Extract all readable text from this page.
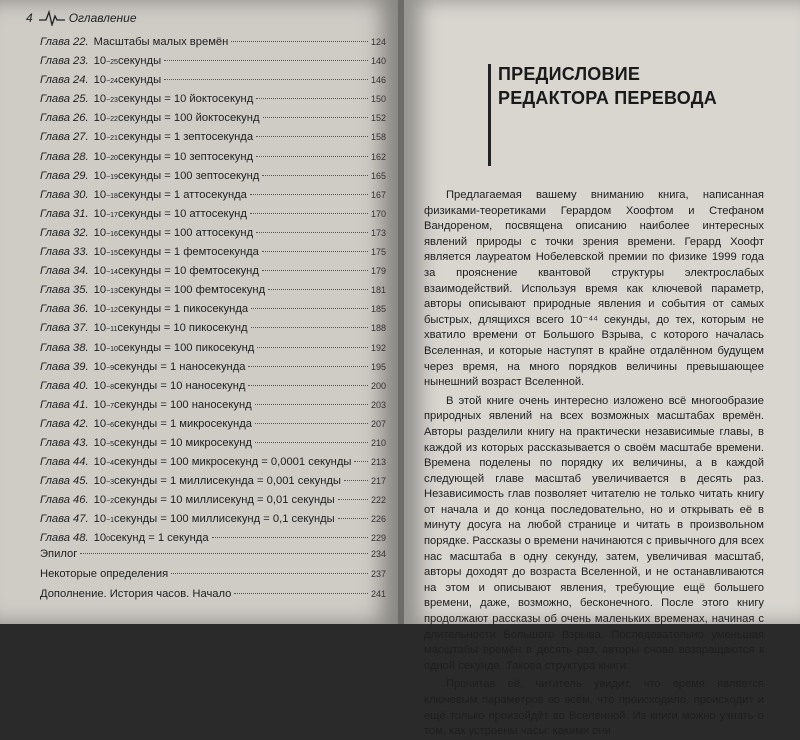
4	Оглавление
Глава 22. Масштабы малых времён	124
Глава 23. 10 −25 секунды	140
Глава 24. 10 −24 секунды	146
Глава 25. 10 −23 секунды = 10 йоктосекунд	150
Глава 26. 10 −22 секунды = 100 йоктосекунд	152
Глава 27. 10 −21 секунды = 1 зептосекунда	158
Глава 28. 10 −20 секунды = 10 зептосекунд	162
Глава 29. 10 −19 секунды = 100 зептосекунд	165
Глава 30. 10 −18 секунды = 1 аттосекунда	167
Глава 31. 10 −17 секунды = 10 аттосекунд	170
Глава 32. 10 −16 секунды = 100 аттосекунд	173
Глава 33. 10 −15 секунды = 1 фемтосекунда	175
Глава 34. 10 −14 секунды = 10 фемтосекунд	179
Глава 35. 10 −13 секунды = 100 фемтосекунд	181
Глава 36. 10 −12 секунды = 1 пикосекунда	185
Глава 37. 10 −11 секунды = 10 пикосекунд	188
Глава 38. 10 −10 секунды = 100 пикосекунд	192
Глава 39. 10 −9 секунды = 1 наносекунда	195
Глава 40. 10 −8 секунды = 10 наносекунд	200
Глава 41. 10 −7 секунды = 100 наносекунд	203
Глава 42. 10 −6 секунды = 1 микросекунда	207
Глава 43. 10 −5 секунды = 10 микросекунд	210
Глава 44. 10 −4 секунды = 100 микросекунд = 0,0001 секунды 213
Глава 45. 10 −3 секунды = 1 миллисекунда = 0,001 секунды	217
Глава 46. 10 −2 секунды = 10 миллисекунд = 0,01 секунды	222
Глава 47. 10 −1 секунды = 100 миллисекунд = 0,1 секунды	226
Глава 48. 10 0 секунд = 1 секунда	229
Эпилог	234
Некоторые определения	237
Дополнение. История часов. Начало	241
ПРЕДИСЛОВИЕ
РЕДАКТОРА ПЕРЕВОДА

Предлагаемая вашему вниманию книга, написанная физиками-теоретиками Герардом Хоофтом и Стефаном Вандореном, посвящена описанию наиболее интересных явлений природы с точки зрения времени. Герард Хоофт является лауреатом Нобелевской премии по физике 1999 года за прояснение квантовой структуры электрослабых взаимодействий. Используя время как ключевой параметр, авторы описывают природные явления и события от самых быстрых, длящихся всего 10⁻⁴⁴ секунды, до тех, которым не хватило времени от Большого Взрыва, с которого началась Вселенная, и которые наступят в крайне отдалённом будущем через время, на много порядков величины превышающее нынешний возраст Вселенной.

В этой книге очень интересно изложено всё многообразие природных явлений на всех возможных масштабах времён. Авторы разделили книгу на практически независимые главы, в каждой из которых рассказывается о своём масштабе времени. Времена поделены по порядку их величины, а в каждой следующей главе масштаб увеличивается в десять раз. Независимость глав позволяет читателю не только читать книгу от начала и до конца последовательно, но и открывать её в минуту досуга на любой странице и читать в произвольном порядке. Рассказы о времени начинаются с привычного для всех нас масштаба в одну секунду, затем, увеличивая масштаб, авторы доходят до возраста Вселенной, и не останавливаются на этом и описывают явления, требующие ещё большего времени, даже, возможно, бесконечного. После этого книгу продолжают рассказы об очень маленьких временах, начиная с длительности Большого Взрыва. Последовательно уменьшая масштабы времён в десять раз, авторы снова возвращаются к одной секунде. Такова структура книги.

Прочитав её, читатель увидит, что время является ключевым параметров во всём, что происходило, происходит и ещё только произойдёт во Вселенной. Из книги можно узнать о том, как устроены часы: какими они
